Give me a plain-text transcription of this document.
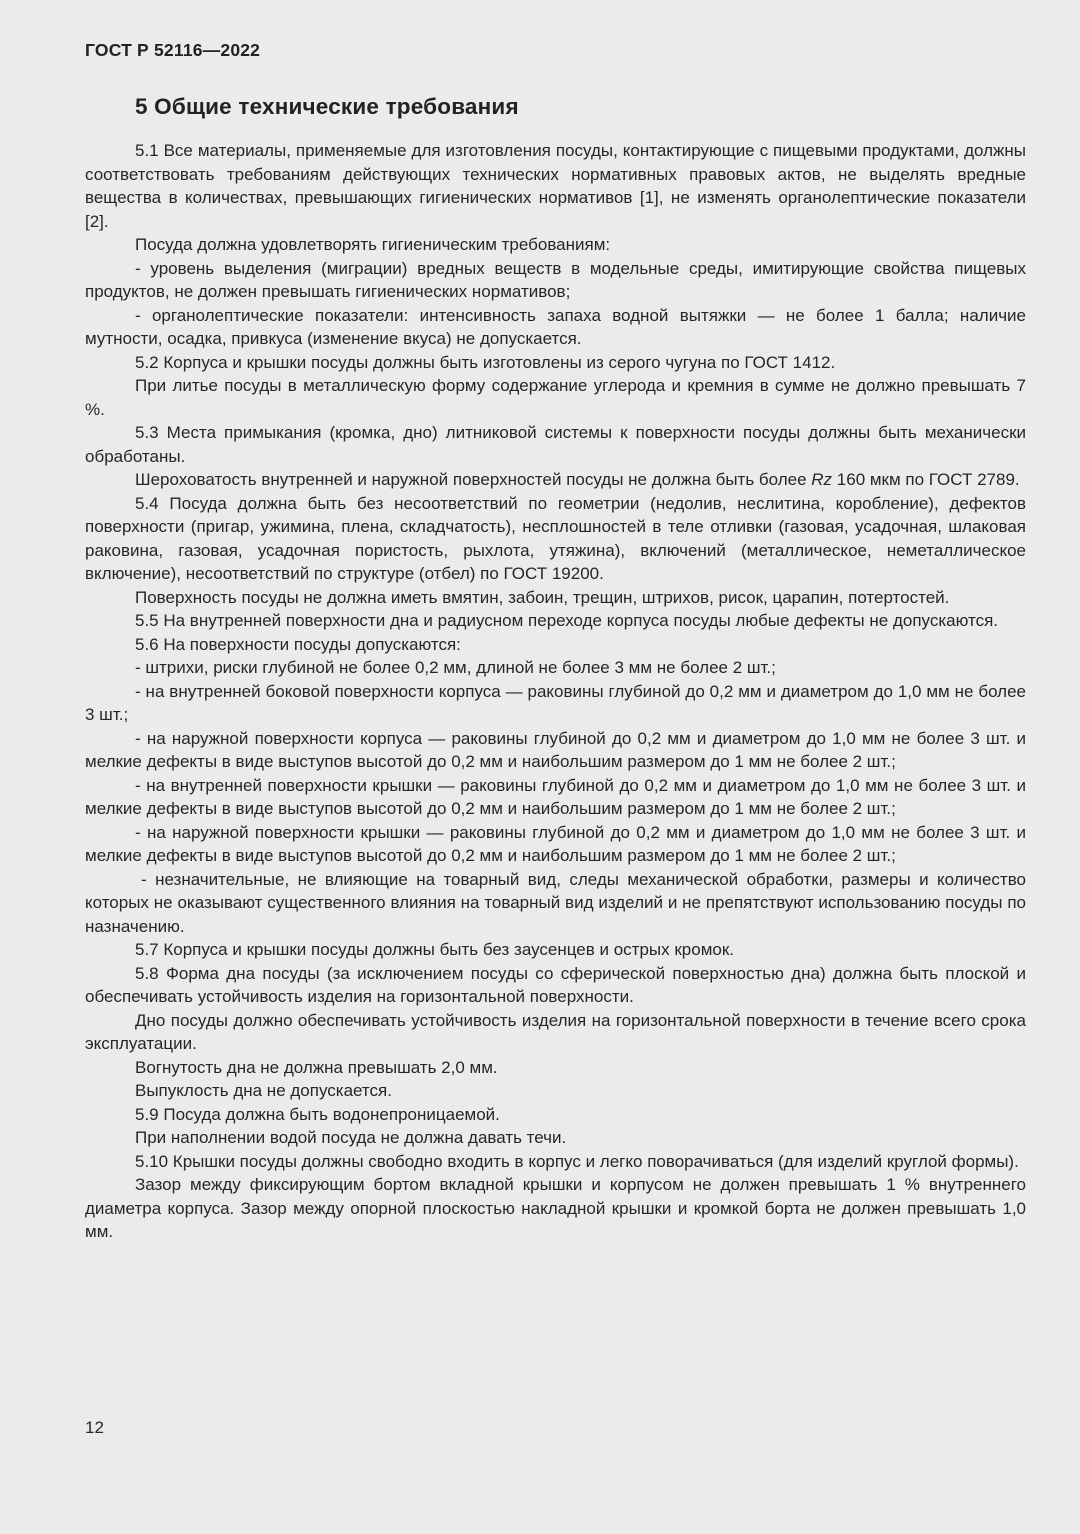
ГОСТ Р 52116—2022
5 Общие технические требования

5.1 Все материалы, применяемые для изготовления посуды, контактирующие с пищевыми продуктами, должны соответствовать требованиям действующих технических нормативных правовых актов, не выделять вредные вещества в количествах, превышающих гигиенических нормативов [1], не изменять органолептические показатели [2].

Посуда должна удовлетворять гигиеническим требованиям:

- уровень выделения (миграции) вредных веществ в модельные среды, имитирующие свойства пищевых продуктов, не должен превышать гигиенических нормативов;

- органолептические показатели: интенсивность запаха водной вытяжки — не более 1 балла; наличие мутности, осадка, привкуса (изменение вкуса) не допускается.

5.2 Корпуса и крышки посуды должны быть изготовлены из серого чугуна по ГОСТ 1412.

При литье посуды в металлическую форму содержание углерода и кремния в сумме не должно превышать 7 %.

5.3 Места примыкания (кромка, дно) литниковой системы к поверхности посуды должны быть механически обработаны.

Шероховатость внутренней и наружной поверхностей посуды не должна быть более Rz 160 мкм по ГОСТ 2789.

5.4 Посуда должна быть без несоответствий по геометрии (недолив, неслитина, коробление), дефектов поверхности (пригар, ужимина, плена, складчатость), несплошностей в теле отливки (газовая, усадочная, шлаковая раковина, газовая, усадочная пористость, рыхлота, утяжина), включений (металлическое, неметаллическое включение), несоответствий по структуре (отбел) по ГОСТ 19200.

Поверхность посуды не должна иметь вмятин, забоин, трещин, штрихов, рисок, царапин, потертостей.

5.5 На внутренней поверхности дна и радиусном переходе корпуса посуды любые дефекты не допускаются.

5.6 На поверхности посуды допускаются:

- штрихи, риски глубиной не более 0,2 мм, длиной не более 3 мм не более 2 шт.;

- на внутренней боковой поверхности корпуса — раковины глубиной до 0,2 мм и диаметром до 1,0 мм не более 3 шт.;

- на наружной поверхности корпуса — раковины глубиной до 0,2 мм и диаметром до 1,0 мм не более 3 шт. и мелкие дефекты в виде выступов высотой до 0,2 мм и наибольшим размером до 1 мм не более 2 шт.;

- на внутренней поверхности крышки — раковины глубиной до 0,2 мм и диаметром до 1,0 мм не более 3 шт. и мелкие дефекты в виде выступов высотой до 0,2 мм и наибольшим размером до 1 мм не более 2 шт.;

- на наружной поверхности крышки — раковины глубиной до 0,2 мм и диаметром до 1,0 мм не более 3 шт. и мелкие дефекты в виде выступов высотой до 0,2 мм и наибольшим размером до 1 мм не более 2 шт.;

- незначительные, не влияющие на товарный вид, следы механической обработки, размеры и количество которых не оказывают существенного влияния на товарный вид изделий и не препятствуют использованию посуды по назначению.

5.7 Корпуса и крышки посуды должны быть без заусенцев и острых кромок.

5.8 Форма дна посуды (за исключением посуды со сферической поверхностью дна) должна быть плоской и обеспечивать устойчивость изделия на горизонтальной поверхности.

Дно посуды должно обеспечивать устойчивость изделия на горизонтальной поверхности в течение всего срока эксплуатации.

Вогнутость дна не должна превышать 2,0 мм.

Выпуклость дна не допускается.

5.9 Посуда должна быть водонепроницаемой.

При наполнении водой посуда не должна давать течи.

5.10 Крышки посуды должны свободно входить в корпус и легко поворачиваться (для изделий круглой формы).

Зазор между фиксирующим бортом вкладной крышки и корпусом не должен превышать 1 % внутреннего диаметра корпуса. Зазор между опорной плоскостью накладной крышки и кромкой борта не должен превышать 1,0 мм.

12
